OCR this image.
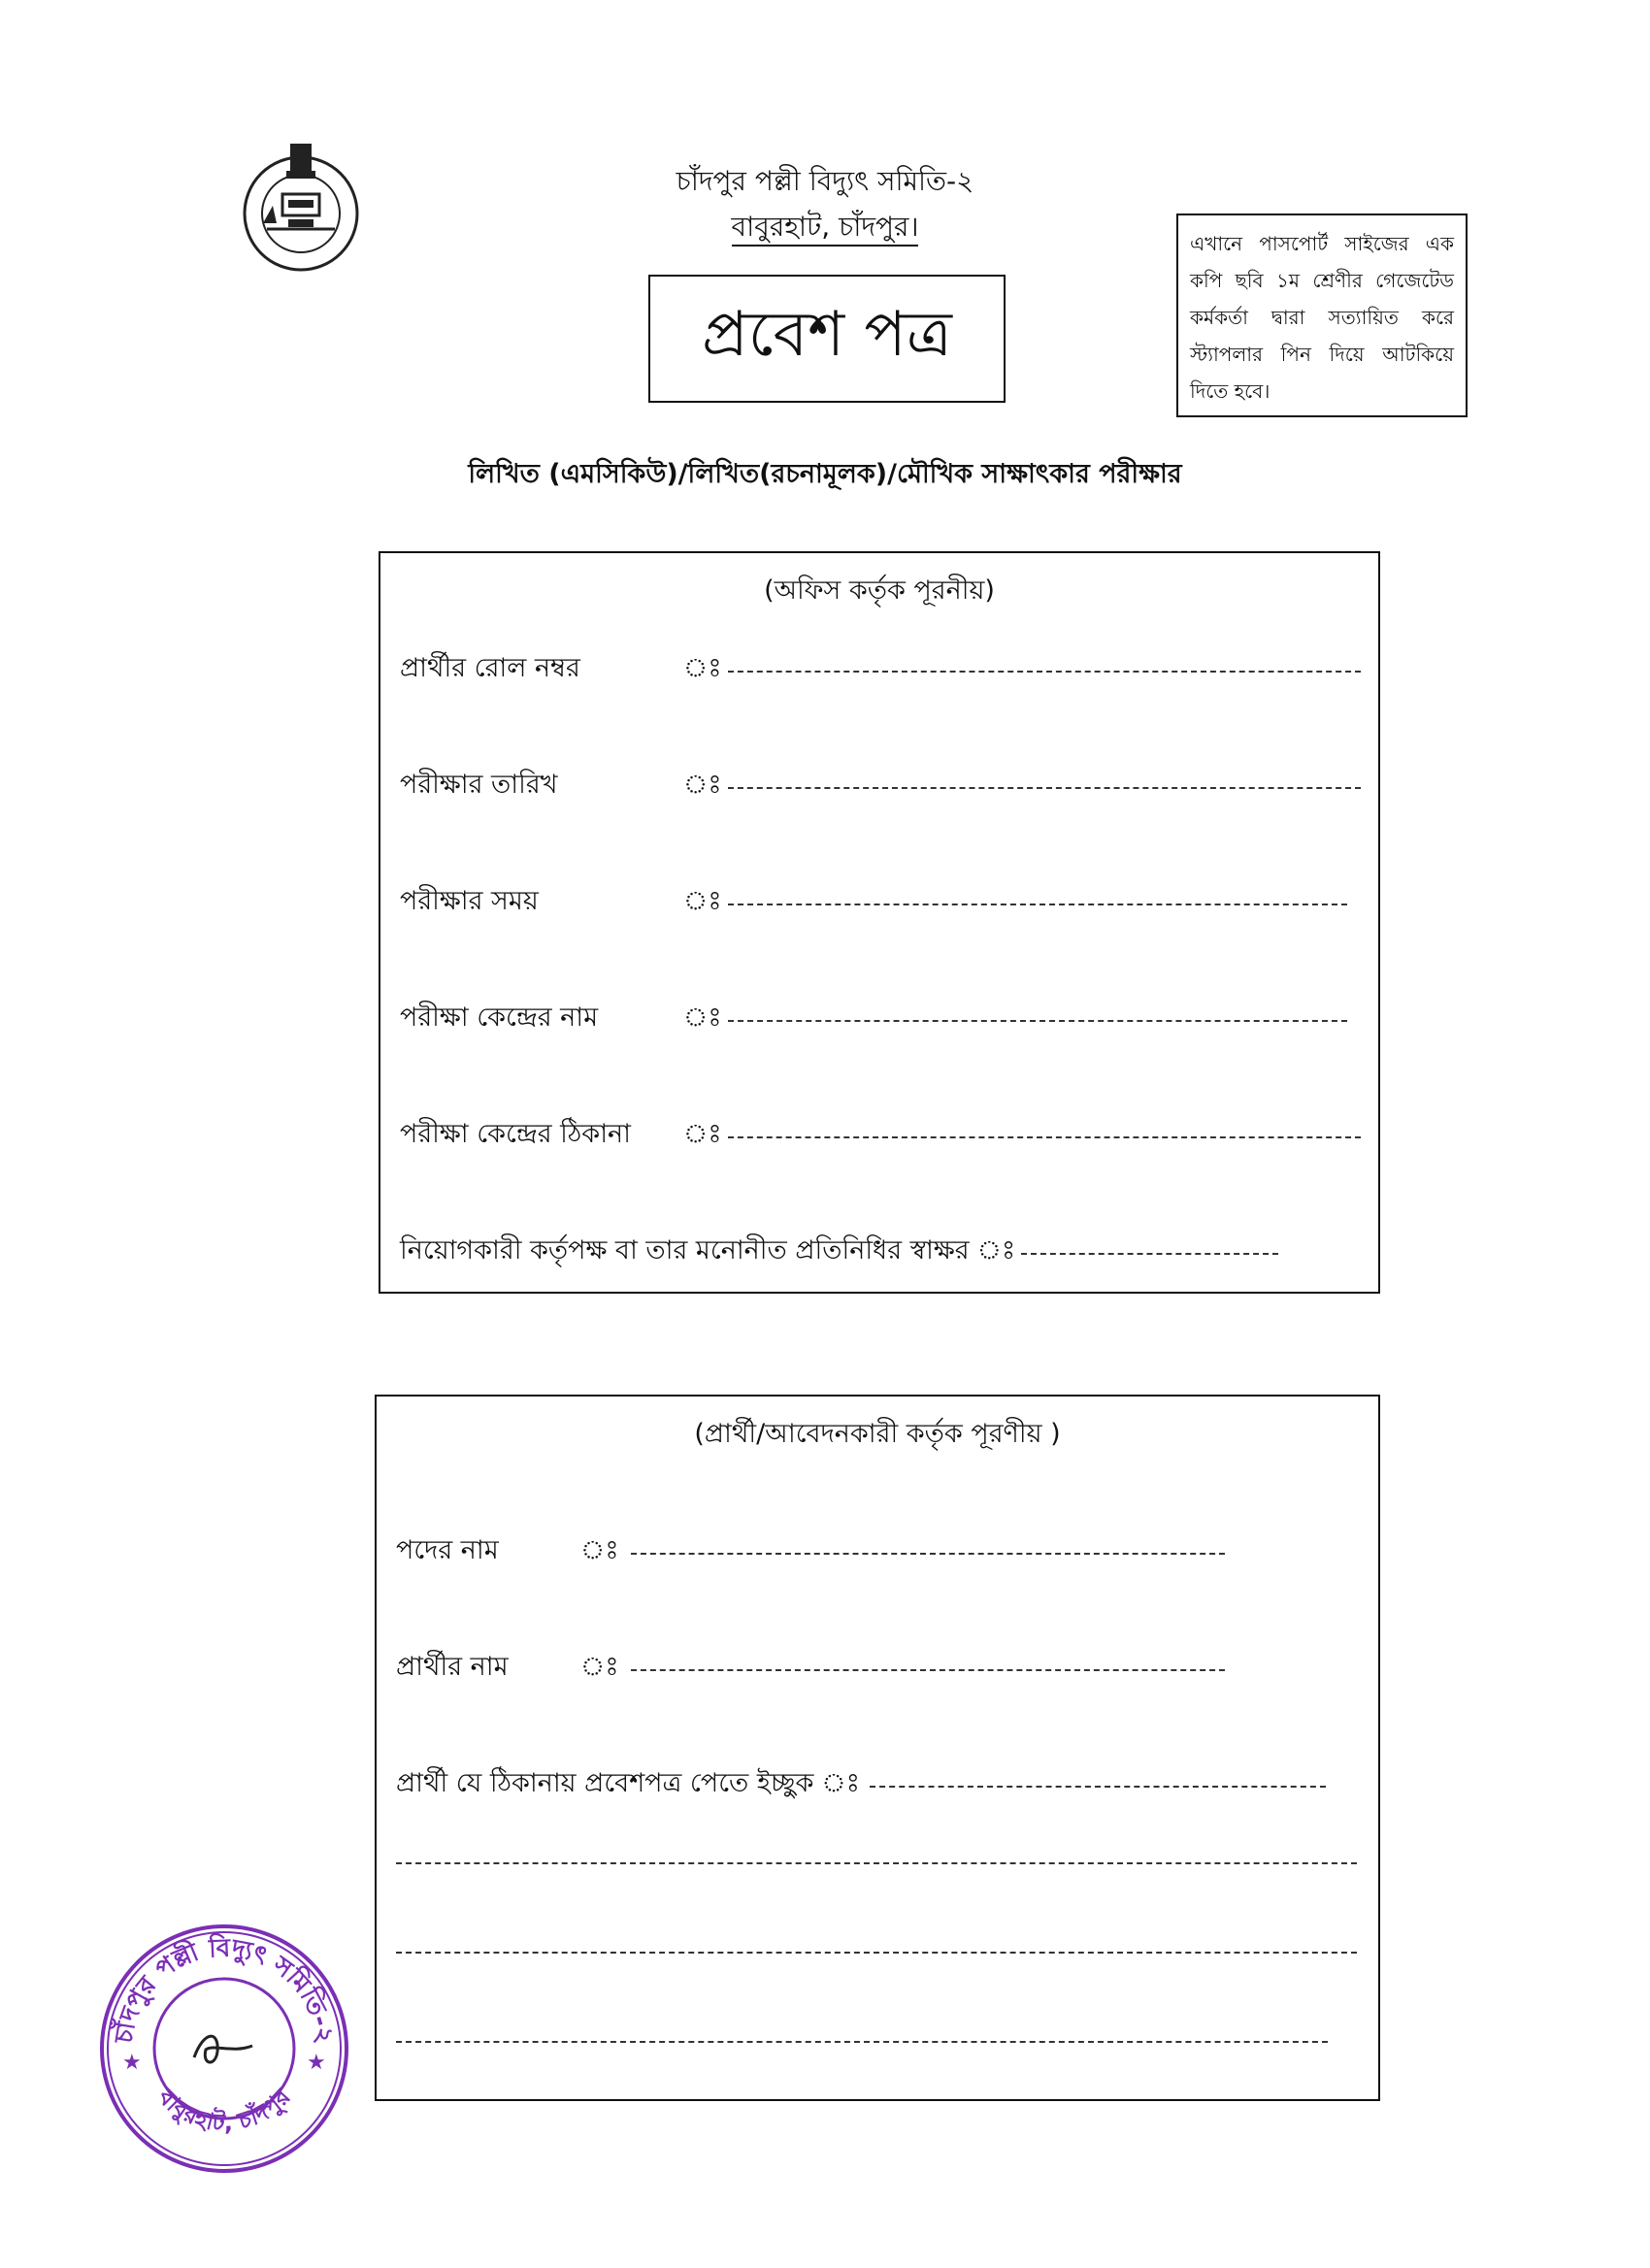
চাঁদপুর পল্লী বিদ্যুৎ সমিতি-২
বাবুরহাট, চাঁদপুর।
প্রবেশ পত্র
এখানে পাসপোর্ট সাইজের এক কপি ছবি ১ম শ্রেণীর গেজেটেড কর্মকর্তা দ্বারা সত্যায়িত করে স্ট্যাপলার পিন দিয়ে আটকিয়ে দিতে হবে।
লিখিত (এমসিকিউ)/লিখিত(রচনামূলক)/মৌখিক সাক্ষাৎকার পরীক্ষার
(অফিস কর্তৃক পূরনীয়)
প্রার্থীর রোল নম্বর	ঃ
পরীক্ষার তারিখ	ঃ
পরীক্ষার সময়	ঃ
পরীক্ষা কেন্দ্রের নাম	ঃ
পরীক্ষা কেন্দ্রের ঠিকানা	ঃ
নিয়োগকারী কর্তৃপক্ষ বা তার মনোনীত প্রতিনিধির স্বাক্ষর ঃ
(প্রার্থী/আবেদনকারী কর্তৃক পূরণীয় )
পদের নাম	ঃ
প্রার্থীর নাম	ঃ
প্রার্থী যে ঠিকানায় প্রবেশপত্র পেতে ইচ্ছুক ঃ
চাঁদপুর পল্লী বিদ্যুৎ সমিতি-২
বাবুরহাট, চাঁদপুর
★	★
